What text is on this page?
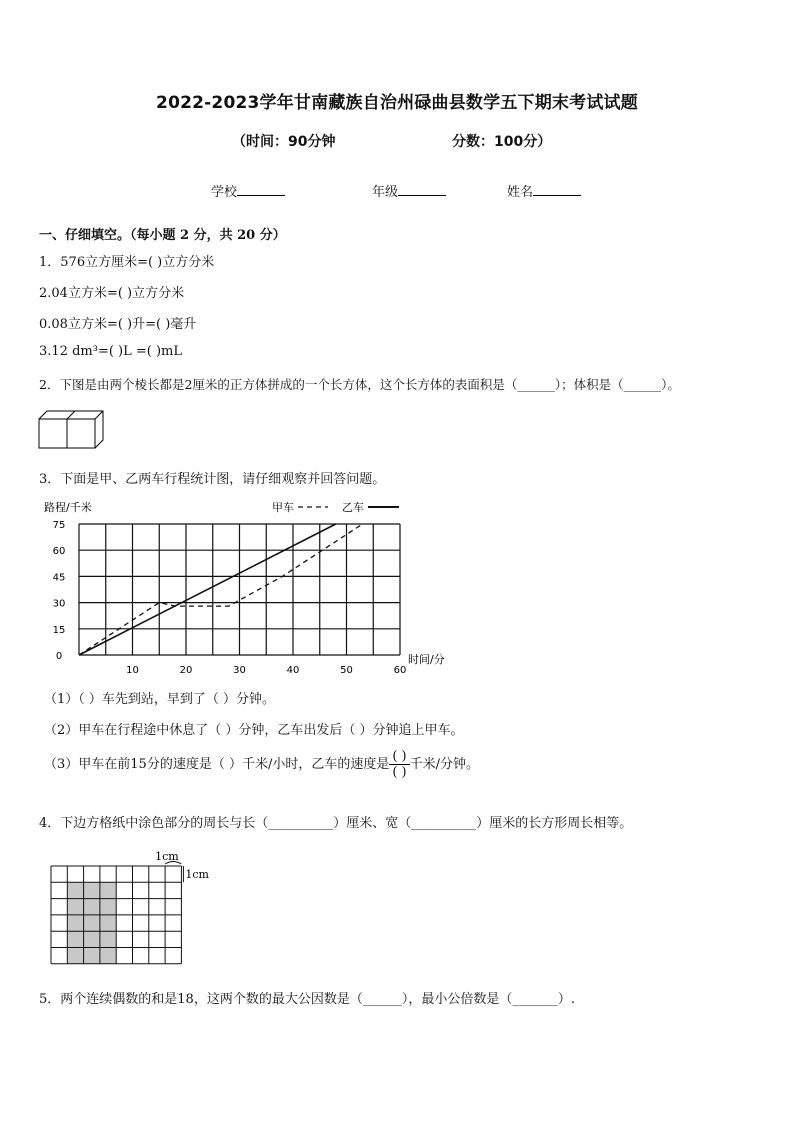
2022-2023学年甘南藏族自治州碌曲县数学五下期末考试试题
（时间：90分钟	分数：100分）
学校	年级	姓名
一、仔细填空。（每小题 2 分，共 20 分）
1．576立方厘米=( )立方分米
2.04立方米=( )立方分米
0.08立方米=( )升=( )毫升
3.12 dm³=( )L =( )mL
2．下图是由两个棱长都是2厘米的正方体拼成的一个长方体，这个长方体的表面积是（______）；体积是（______）。
3．下面是甲、乙两车行程统计图，请仔细观察并回答问题。
路程/千米
时间/分
0
15
30
45
60
75
10	20	30	40	50	60
甲车	乙车
（1）（ ）车先到站，早到了（ ）分钟。
（2）甲车在行程途中休息了（ ）分钟，乙车出发后（ ）分钟追上甲车。
（3）甲车在前15分的速度是（ ）千米/小时，乙车的速度是 $\frac{( )}{( )}$ 千米/分钟。
4．下边方格纸中涂色部分的周长与长（__________）厘米、宽（__________）厘米的长方形周长相等。
1cm
1cm
5．两个连续偶数的和是18，这两个数的最大公因数是（______），最小公倍数是（_______）.
